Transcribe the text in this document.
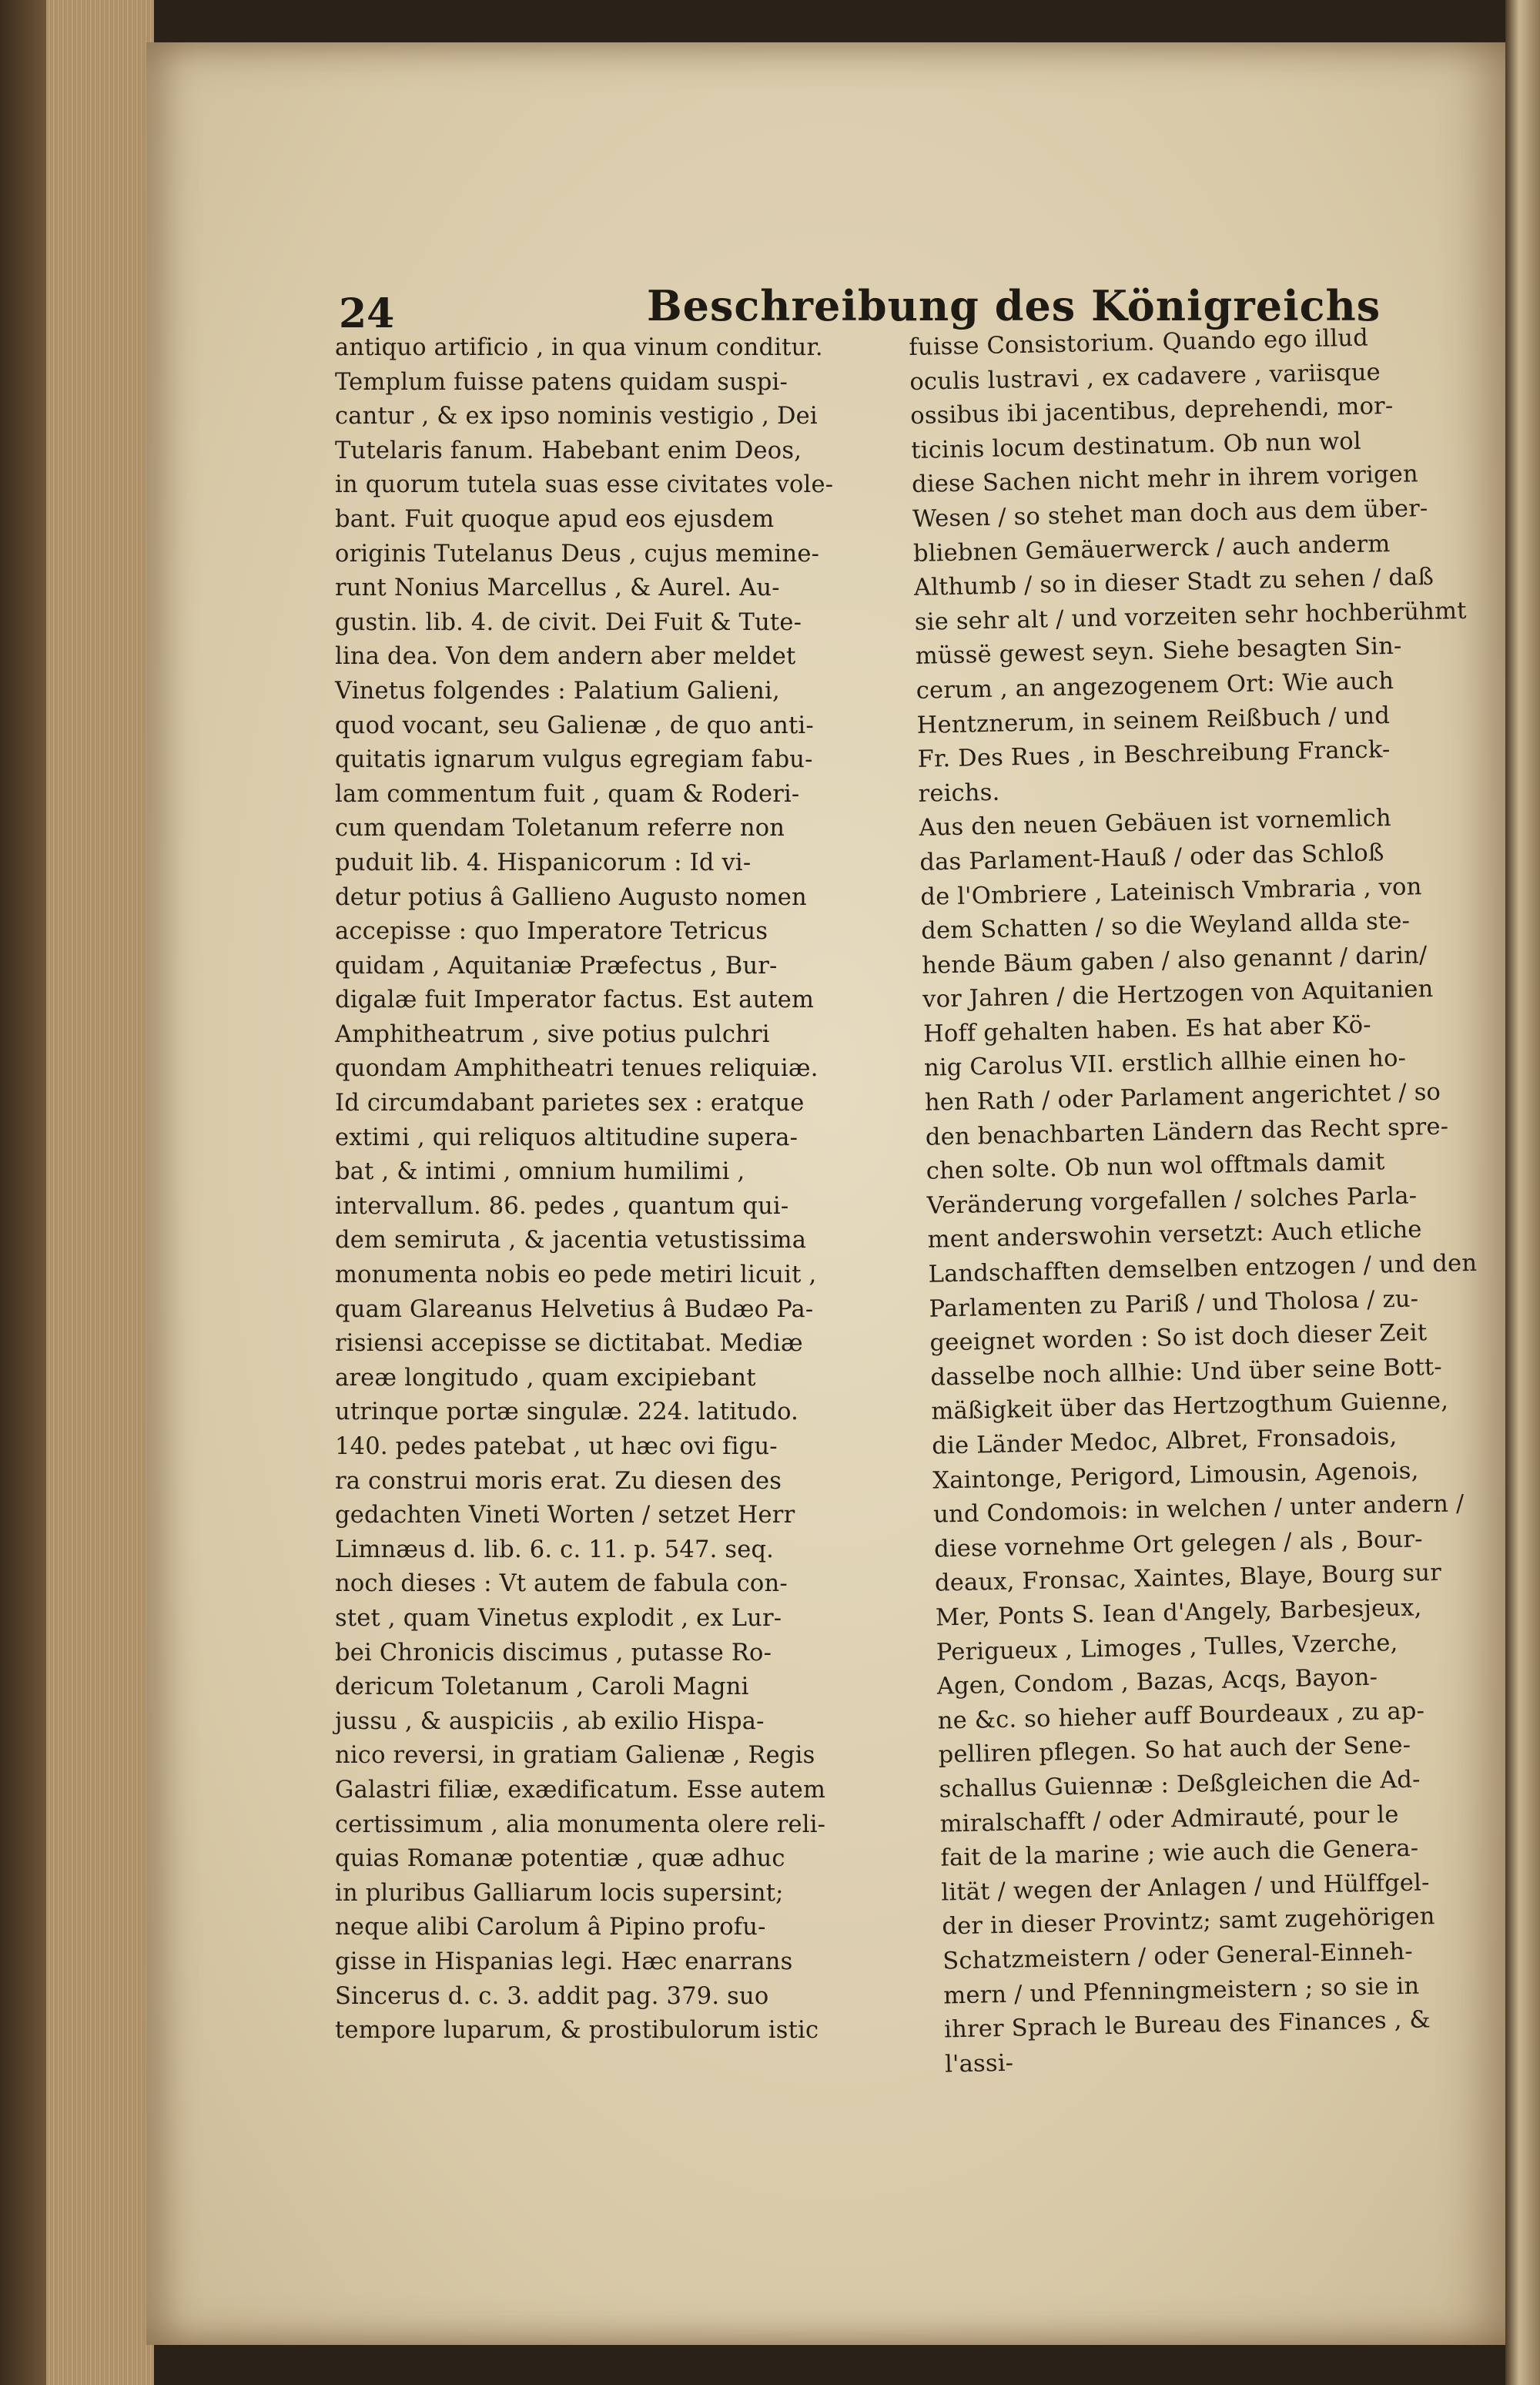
24	Beschreibung des Königreichs
antiquo artificio , in qua vinum conditur.
Templum fuisse patens quidam suspi-
cantur , & ex ipso nominis vestigio , Dei
Tutelaris fanum. Habebant enim Deos,
in quorum tutela suas esse civitates vole-
bant. Fuit quoque apud eos ejusdem
originis Tutelanus Deus , cujus memine-
runt Nonius Marcellus , & Aurel. Au-
gustin. lib. 4. de civit. Dei Fuit & Tute-
lina dea. Von dem andern aber meldet
Vinetus folgendes : Palatium Galieni,
quod vocant, seu Galienæ , de quo anti-
quitatis ignarum vulgus egregiam fabu-
lam commentum fuit , quam & Roderi-
cum quendam Toletanum referre non
puduit lib. 4. Hispanicorum : Id vi-
detur potius â Gallieno Augusto nomen
accepisse : quo Imperatore Tetricus
quidam , Aquitaniæ Præfectus , Bur-
digalæ fuit Imperator factus. Est autem
Amphitheatrum , sive potius pulchri
quondam Amphitheatri tenues reliquiæ.
Id circumdabant parietes sex : eratque
extimi , qui reliquos altitudine supera-
bat , & intimi , omnium humilimi ,
intervallum. 86. pedes , quantum qui-
dem semiruta , & jacentia vetustissima
monumenta nobis eo pede metiri licuit ,
quam Glareanus Helvetius â Budæo Pa-
risiensi accepisse se dictitabat. Mediæ
areæ longitudo , quam excipiebant
utrinque portæ singulæ. 224. latitudo.
140. pedes patebat , ut hæc ovi figu-
ra construi moris erat. Zu diesen des
gedachten Vineti Worten / setzet Herr
Limnæus d. lib. 6. c. 11. p. 547. seq.
noch dieses : Vt autem de fabula con-
stet , quam Vinetus explodit , ex Lur-
bei Chronicis discimus , putasse Ro-
dericum Toletanum , Caroli Magni
jussu , & auspiciis , ab exilio Hispa-
nico reversi, in gratiam Galienæ , Regis
Galastri filiæ, exædificatum. Esse autem
certissimum , alia monumenta olere reli-
quias Romanæ potentiæ , quæ adhuc
in pluribus Galliarum locis supersint;
neque alibi Carolum â Pipino profu-
gisse in Hispanias legi. Hæc enarrans
Sincerus d. c. 3. addit pag. 379. suo
tempore luparum, & prostibulorum istic
fuisse Consistorium. Quando ego illud
oculis lustravi , ex cadavere , variisque
ossibus ibi jacentibus, deprehendi, mor-
ticinis locum destinatum. Ob nun wol
diese Sachen nicht mehr in ihrem vorigen
Wesen / so stehet man doch aus dem über-
bliebnen Gemäuerwerck / auch anderm
Althumb / so in dieser Stadt zu sehen / daß
sie sehr alt / und vorzeiten sehr hochberühmt
müssë gewest seyn. Siehe besagten Sin-
cerum , an angezogenem Ort: Wie auch
Hentznerum, in seinem Reißbuch / und
Fr. Des Rues , in Beschreibung Franck-
reichs.
Aus den neuen Gebäuen ist vornemlich
das Parlament-Hauß / oder das Schloß
de l'Ombriere , Lateinisch Vmbraria , von
dem Schatten / so die Weyland allda ste-
hende Bäum gaben / also genannt / darin/
vor Jahren / die Hertzogen von Aquitanien
Hoff gehalten haben. Es hat aber Kö-
nig Carolus VII. erstlich allhie einen ho-
hen Rath / oder Parlament angerichtet / so
den benachbarten Ländern das Recht spre-
chen solte. Ob nun wol offtmals damit
Veränderung vorgefallen / solches Parla-
ment anderswohin versetzt: Auch etliche
Landschafften demselben entzogen / und den
Parlamenten zu Pariß / und Tholosa / zu-
geeignet worden : So ist doch dieser Zeit
dasselbe noch allhie: Und über seine Bott-
mäßigkeit über das Hertzogthum Guienne,
die Länder Medoc, Albret, Fronsadois,
Xaintonge, Perigord, Limousin, Agenois,
und Condomois: in welchen / unter andern /
diese vornehme Ort gelegen / als , Bour-
deaux, Fronsac, Xaintes, Blaye, Bourg sur
Mer, Ponts S. Iean d'Angely, Barbesjeux,
Perigueux , Limoges , Tulles, Vzerche,
Agen, Condom , Bazas, Acqs, Bayon-
ne &c. so hieher auff Bourdeaux , zu ap-
pelliren pflegen. So hat auch der Sene-
schallus Guiennæ : Deßgleichen die Ad-
miralschafft / oder Admirauté, pour le
fait de la marine ; wie auch die Genera-
lität / wegen der Anlagen / und Hülffgel-
der in dieser Provintz; samt zugehörigen
Schatzmeistern / oder General-Einneh-
mern / und Pfenningmeistern ; so sie in
ihrer Sprach le Bureau des Finances , &
l'assi-
